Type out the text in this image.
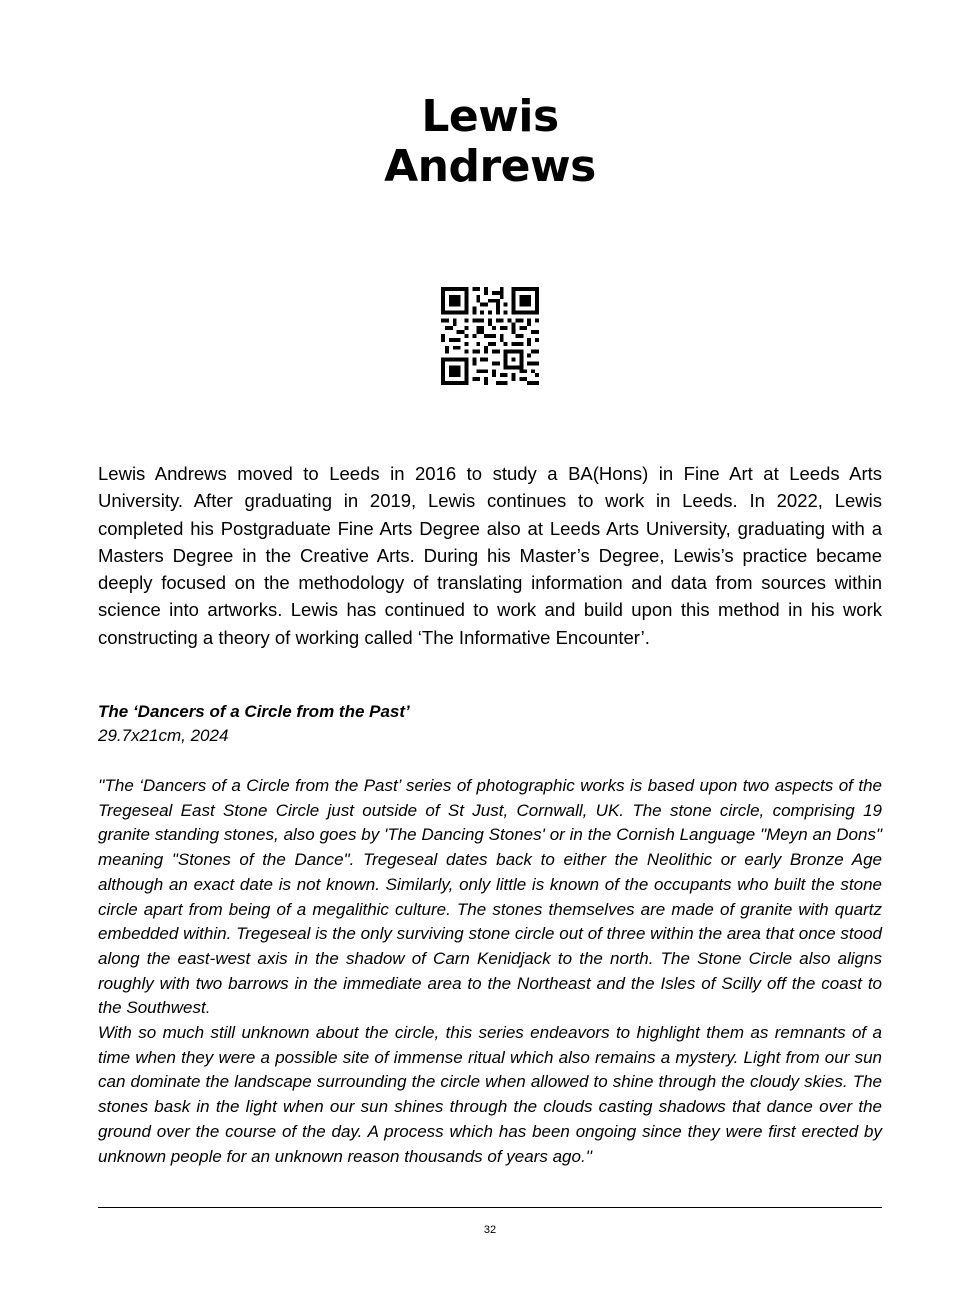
Lewis
Andrews

Lewis Andrews moved to Leeds in 2016 to study a BA(Hons) in Fine Art at Leeds Arts University. After graduating in 2019, Lewis continues to work in Leeds. In 2022, Lewis completed his Postgraduate Fine Arts Degree also at Leeds Arts University, graduating with a Masters Degree in the Creative Arts. During his Master’s Degree, Lewis’s practice became deeply focused on the methodology of translating information and data from sources within science into artworks. Lewis has continued to work and build upon this method in his work constructing a theory of working called ‘The Informative Encounter’.

The ‘Dancers of a Circle from the Past’

29.7x21cm, 2024

''The ‘Dancers of a Circle from the Past’ series of photographic works is based upon two aspects of the Tregeseal East Stone Circle just outside of St Just, Cornwall, UK. The stone circle, comprising 19 granite standing stones, also goes by 'The Dancing Stones' or in the Cornish Language "Meyn an Dons" meaning "Stones of the Dance". Tregeseal dates back to either the Neolithic or early Bronze Age although an exact date is not known. Similarly, only little is known of the occupants who built the stone circle apart from being of a megalithic culture. The stones themselves are made of granite with quartz embedded within. Tregeseal is the only surviving stone circle out of three within the area that once stood along the east-west axis in the shadow of Carn Kenidjack to the north. The Stone Circle also aligns roughly with two barrows in the immediate area to the Northeast and the Isles of Scilly off the coast to the Southwest.

With so much still unknown about the circle, this series endeavors to highlight them as remnants of a time when they were a possible site of immense ritual which also remains a mystery. Light from our sun can dominate the landscape surrounding the circle when allowed to shine through the cloudy skies. The stones bask in the light when our sun shines through the clouds casting shadows that dance over the ground over the course of the day. A process which has been ongoing since they were first erected by unknown people for an unknown reason thousands of years ago.''

32
